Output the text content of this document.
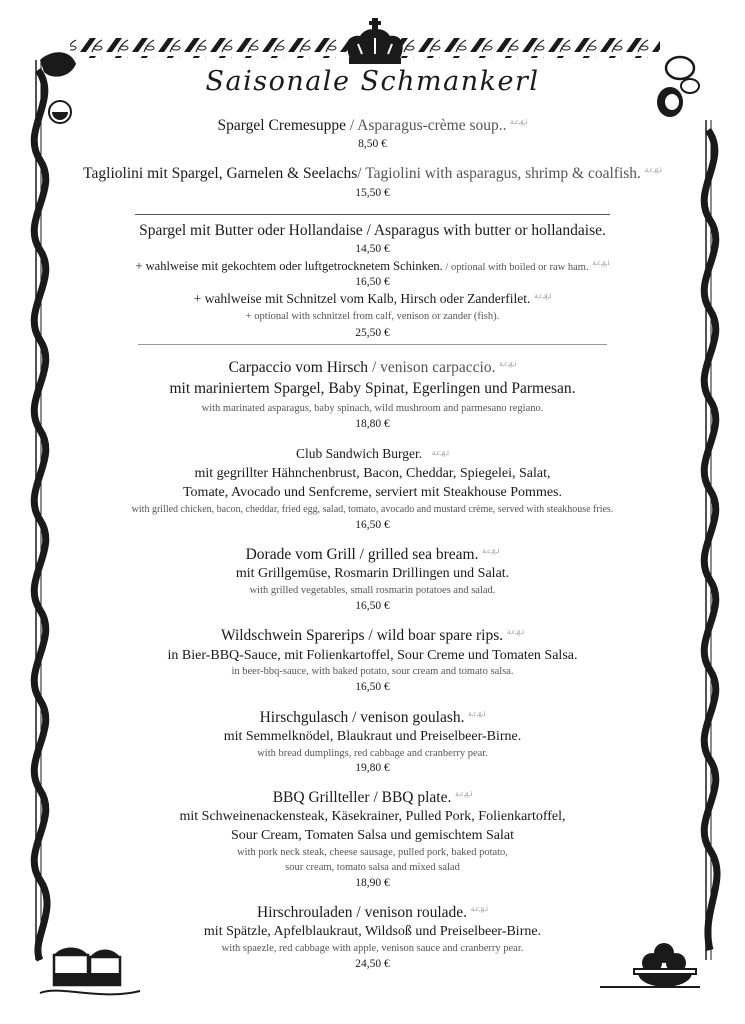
Saisonale Schmankerl
Spargel Cremesuppe / Asparagus-crème soup.. $^{a,c,g,i}$
8,50 €
Tagliolini mit Spargel, Garnelen & Seelachs/ Tagiolini with asparagus, shrimp & coalfish. $^{a,c,g,i}$
15,50 €
Spargel mit Butter oder Hollandaise / Asparagus with butter or hollandaise.
14,50 €
+ wahlweise mit gekochtem oder luftgetrocknetem Schinken. / optional with boiled or raw ham. $^{a,c,g,i}$
16,50 €
+ wahlweise mit Schnitzel vom Kalb, Hirsch oder Zanderfilet. $^{a,c,g,i}$
+ optional with schnitzel from calf, venison or zander (fish).
25,50 €
Carpaccio vom Hirsch / venison carpaccio. $^{a,c,g,i}$
mit mariniertem Spargel, Baby Spinat, Egerlingen und Parmesan.
with marinated asparagus, baby spinach, wild mushroom and parmesano regiano.
18,80 €
Club Sandwich Burger. $^{a,c,g,i}$
mit gegrillter Hähnchenbrust, Bacon, Cheddar, Spiegelei, Salat,
Tomate, Avocado und Senfcreme, serviert mit Steakhouse Pommes.
with grilled chicken, bacon, cheddar, fried egg, salad, tomato, avocado and mustard crème, served with steakhouse fries.
16,50 €
Dorade vom Grill / grilled sea bream. $^{a,c,g,i}$
mit Grillgemüse, Rosmarin Drillingen und Salat.
with grilled vegetables, small rosmarin potatoes and salad.
16,50 €
Wildschwein Sparerips / wild boar spare rips. $^{a,c,g,i}$
in Bier-BBQ-Sauce, mit Folienkartoffel, Sour Creme und Tomaten Salsa.
in beer-bbq-sauce, with baked potato, sour cream and tomato salsa.
16,50 €
Hirschgulasch / venison goulash. $^{a,c,g,i}$
mit Semmelknödel, Blaukraut und Preiselbeer-Birne.
with bread dumplings, red cabbage and cranberry pear.
19,80 €
BBQ Grillteller / BBQ plate. $^{a,c,g,i}$
mit Schweinenackensteak, Käsekrainer, Pulled Pork, Folienkartoffel,
Sour Cream, Tomaten Salsa und gemischtem Salat
with pork neck steak, cheese sausage, pulled pork, baked potato,
sour cream, tomato salsa and mixed salad
18,90 €
Hirschrouladen / venison roulade. $^{a,c,g,i}$
mit Spätzle, Apfelblaukraut, Wildsoß und Preiselbeer-Birne.
with spaezle, red cabbage with apple, venison sauce and cranberry pear.
24,50 €
